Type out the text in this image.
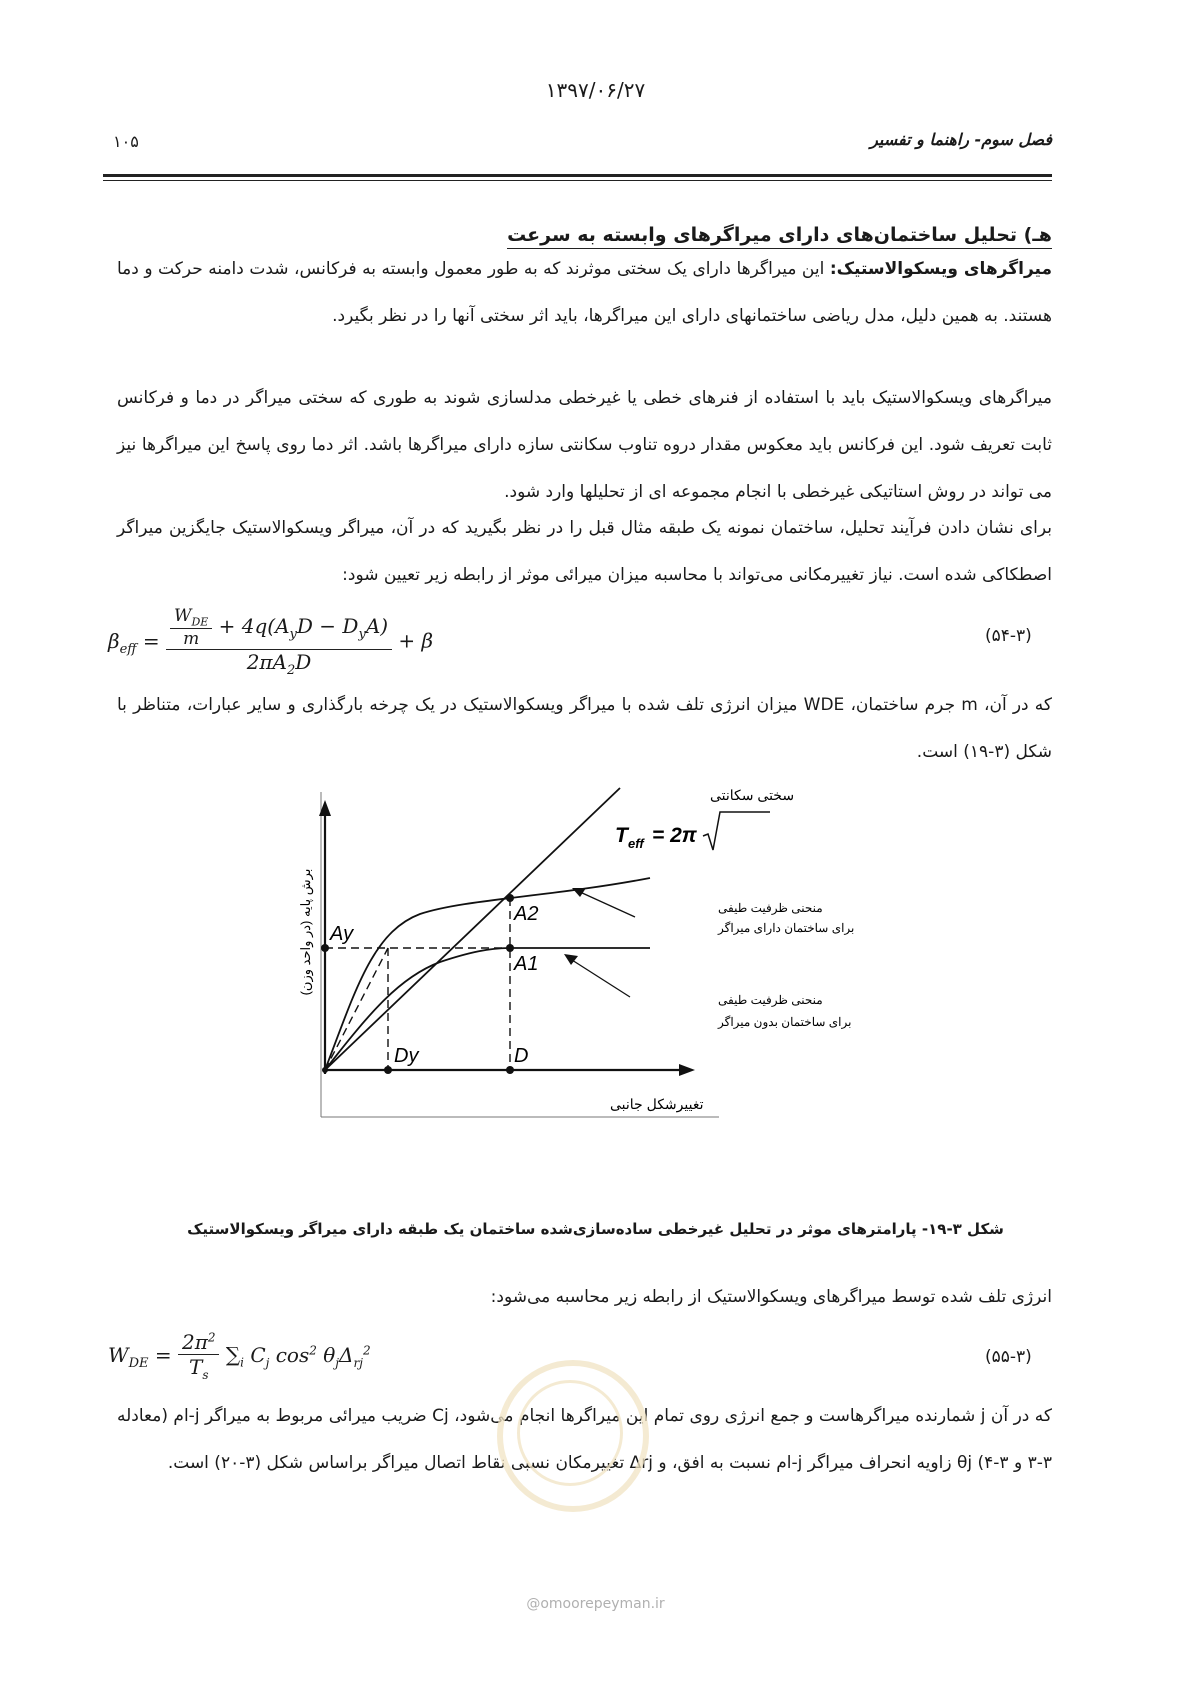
۱۳۹۷/۰۶/۲۷
۱۰۵	فصل سوم- راهنما و تفسیر
هـ) تحلیل ساختمان‌های دارای میراگرهای وابسته به سرعت
میراگرهای ویسکوالاستیک: این میراگرها دارای یک سختی موثرند که به طور معمول وابسته به فرکانس، شدت دامنه حرکت و دما هستند. به همین دلیل، مدل ریاضی ساختمانهای دارای این میراگرها، باید اثر سختی آنها را در نظر بگیرد.
میراگرهای ویسکوالاستیک باید با استفاده از فنرهای خطی یا غیرخطی مدلسازی شوند به طوری که سختی میراگر در دما و فرکانس ثابت تعریف شود. این فرکانس باید معکوس مقدار دروه تناوب سکانتی سازه دارای میراگرها باشد. اثر دما روی پاسخ این میراگرها نیز می تواند در روش استاتیکی غیرخطی با انجام مجموعه ای از تحلیلها وارد شود.
برای نشان دادن فرآیند تحلیل، ساختمان نمونه یک طبقه مثال قبل را در نظر بگیرید که در آن، میراگر ویسکوالاستیک جایگزین میراگر اصطکاکی شده است. نیاز تغییرمکانی می‌تواند با محاسبه میزان میرائی موثر از رابطه زیر تعیین شود:
$\beta_{eff} = \frac{\frac{W_{DE}}{m} + 4q(A_yD - D_yA)}{2\pi A_2D} + \beta$	(۵۴-۳)
که در آن، m جرم ساختمان، WDE میزان انرژی تلف شده با میراگر ویسکوالاستیک در یک چرخه بارگذاری و سایر عبارات، متناظر با شکل (۳-۱۹) است.
Ay
A2
A1
Dy	D
T eff = 2π
سختی سکانتی
منحنی ظرفیت طیفی
برای ساختمان دارای میراگر
منحنی ظرفیت طیفی
برای ساختمان بدون میراگر
تغییرشکل جانبی
برش پایه (در واحد وزن)
شکل ۳-۱۹- پارامترهای موثر در تحلیل غیرخطی ساده‌سازی‌شده ساختمان یک طبقه دارای میراگر ویسکوالاستیک
انرژی تلف شده توسط میراگرهای ویسکوالاستیک از رابطه زیر محاسبه می‌شود:
$W_{DE} = \frac{2\pi^2}{T_s} \sum_i$ $C_j$ $\cos^2 \theta_j\Delta_{rj}^2$	(۵۵-۳)
که در آن j شمارنده میراگرهاست و جمع انرژی روی تمام این میراگرها انجام می‌شود، Cj ضریب میرائی مربوط به میراگر j-ام (معادله ۳-۳ و ۳-۴) θj زاویه انحراف میراگر j-ام نسبت به افق، و Δrj تغییرمکان نسبی نقاط اتصال میراگر براساس شکل (۳-۲۰) است.
@omoorepeyman.ir
